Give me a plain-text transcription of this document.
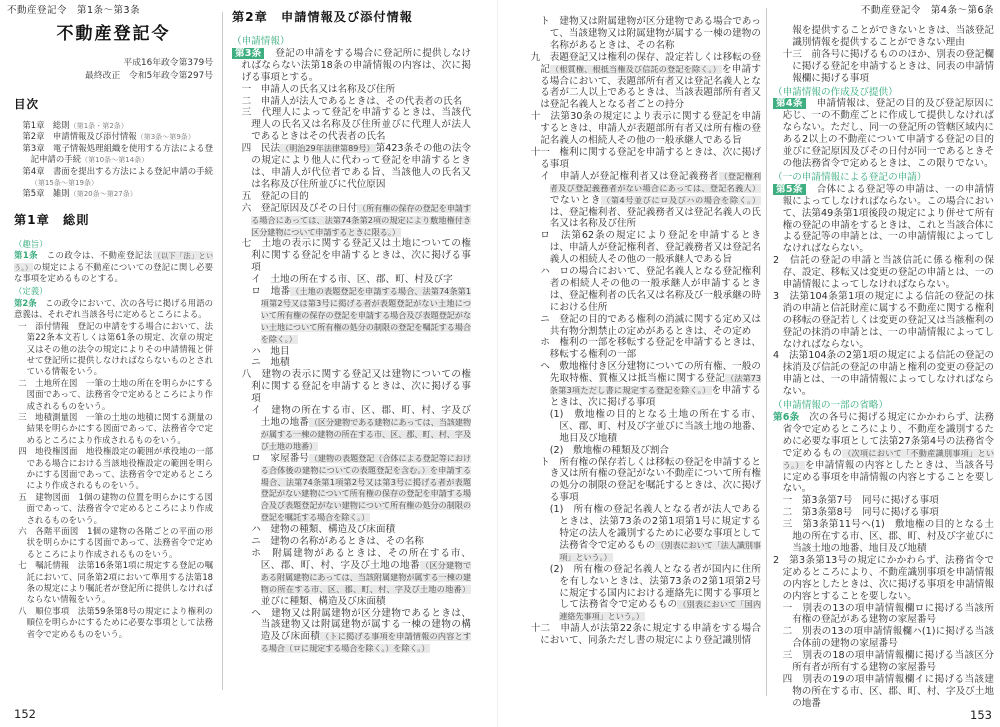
不動産登記令　第1条〜第3条	不動産登記令　第4条〜第6条
不動産登記令
平成16年政令第379号
最終改正　令和5年政令第297号
目次
第1章　総則（第1条・第2条）
第2章　申請情報及び添付情報（第3条〜第9条）
第3章　電子情報処理組織を使用する方法による登記申請の手続（第10条〜第14条）
第4章　書面を提出する方法による登記申請の手続（第15条〜第19条）
第5章　雑則（第20条〜第27条）
第1章　総則
（趣旨）
第1条　この政令は、不動産登記法（以下「法」という。）の規定による不動産についての登記に関し必要な事項を定めるものとする。
（定義）
第2条　この政令において、次の各号に掲げる用語の意義は、それぞれ当該各号に定めるところによる。
一　添付情報　登記の申請をする場合において、法第22条本文若しくは第61条の規定、次章の規定又はその他の法令の規定によりその申請情報と併せて登記所に提供しなければならないものとされている情報をいう。
二　土地所在図　一筆の土地の所在を明らかにする図面であって、法務省令で定めるところにより作成されるものをいう。
三　地積測量図　一筆の土地の地積に関する測量の結果を明らかにする図面であって、法務省令で定めるところにより作成されるものをいう。
四　地役権図面　地役権設定の範囲が承役地の一部である場合における当該地役権設定の範囲を明らかにする図面であって、法務省令で定めるところにより作成されるものをいう。
五　建物図面　1個の建物の位置を明らかにする図面であって、法務省令で定めるところにより作成されるものをいう。
六　各階平面図　1個の建物の各階ごとの平面の形状を明らかにする図面であって、法務省令で定めるところにより作成されるものをいう。
七　嘱託情報　法第16条第1項に規定する登記の嘱託において、同条第2項において準用する法第18条の規定により嘱託者が登記所に提供しなければならない情報をいう。
八　順位事項　法第59条第8号の規定により権利の順位を明らかにするために必要な事項として法務省令で定めるものをいう。
第2章　申請情報及び添付情報
（申請情報）
第3条　登記の申請をする場合に登記所に提供しなければならない法第18条の申請情報の内容は、次に掲げる事項とする。
一　申請人の氏名又は名称及び住所
二　申請人が法人であるときは、その代表者の氏名
三　代理人によって登記を申請するときは、当該代理人の氏名又は名称及び住所並びに代理人が法人であるときはその代表者の氏名
四　民法（明治29年法律第89号）第423条その他の法令の規定により他人に代わって登記を申請するときは、申請人が代位者である旨、当該他人の氏名又は名称及び住所並びに代位原因
五　登記の目的
六　登記原因及びその日付（所有権の保存の登記を申請する場合にあっては、法第74条第2項の規定により敷地権付き区分建物について申請するときに限る。）
七　土地の表示に関する登記又は土地についての権利に関する登記を申請するときは、次に掲げる事項
イ　土地の所在する市、区、郡、町、村及び字
ロ　地番（土地の表題登記を申請する場合、法第74条第1項第2号又は第3号に掲げる者が表題登記がない土地について所有権の保存の登記を申請する場合及び表題登記がない土地について所有権の処分の制限の登記を嘱託する場合を除く。）
ハ　地目
ニ　地積
八　建物の表示に関する登記又は建物についての権利に関する登記を申請するときは、次に掲げる事項
イ　建物の所在する市、区、郡、町、村、字及び土地の地番（区分建物である建物にあっては、当該建物が属する一棟の建物の所在する市、区、郡、町、村、字及び土地の地番）
ロ　家屋番号（建物の表題登記（合体による登記等における合体後の建物についての表題登記を含む。）を申請する場合、法第74条第1項第2号又は第3号に掲げる者が表題登記がない建物について所有権の保存の登記を申請する場合及び表題登記がない建物について所有権の処分の制限の登記を嘱託する場合を除く。）
ハ　建物の種類、構造及び床面積
ニ　建物の名称があるときは、その名称
ホ　附属建物があるときは、その所在する市、区、郡、町、村、字及び土地の地番（区分建物である附属建物にあっては、当該附属建物が属する一棟の建物の所在する市、区、郡、町、村、字及び土地の地番）並びに種類、構造及び床面積
ヘ　建物又は附属建物が区分建物であるときは、当該建物又は附属建物が属する一棟の建物の構造及び床面積（トに掲げる事項を申請情報の内容とする場合（ロに規定する場合を除く。）を除く。）
ト　建物又は附属建物が区分建物である場合であって、当該建物又は附属建物が属する一棟の建物の名称があるときは、その名称
九　表題登記又は権利の保存、設定若しくは移転の登記（根質権、根抵当権及び信託の登記を除く。）を申請する場合において、表題部所有者又は登記名義人となる者が二人以上であるときは、当該表題部所有者又は登記名義人となる者ごとの持分
十　法第30条の規定により表示に関する登記を申請するときは、申請人が表題部所有者又は所有権の登記名義人の相続人その他の一般承継人である旨
十一　権利に関する登記を申請するときは、次に掲げる事項
イ　申請人が登記権利者又は登記義務者（登記権利者及び登記義務者がない場合にあっては、登記名義人）でないとき（第4号並びにロ及びハの場合を除く。）は、登記権利者、登記義務者又は登記名義人の氏名又は名称及び住所
ロ　法第62条の規定により登記を申請するときは、申請人が登記権利者、登記義務者又は登記名義人の相続人その他の一般承継人である旨
ハ　ロの場合において、登記名義人となる登記権利者の相続人その他の一般承継人が申請するときは、登記権利者の氏名又は名称及び一般承継の時における住所
ニ　登記の目的である権利の消滅に関する定め又は共有物分割禁止の定めがあるときは、その定め
ホ　権利の一部を移転する登記を申請するときは、移転する権利の一部
ヘ　敷地権付き区分建物についての所有権、一般の先取特権、質権又は抵当権に関する登記（法第73条第3項ただし書に規定する登記を除く。）を申請するときは、次に掲げる事項
(1)　敷地権の目的となる土地の所在する市、区、郡、町、村及び字並びに当該土地の地番、地目及び地積
(2)　敷地権の種類及び割合
ト　所有権の保存若しくは移転の登記を申請するとき又は所有権の登記がない不動産について所有権の処分の制限の登記を嘱託するときは、次に掲げる事項
(1)　所有権の登記名義人となる者が法人であるときは、法第73条の2第1項第1号に規定する特定の法人を識別するために必要な事項として法務省令で定めるもの（別表において「法人識別事項」という。）
(2)　所有権の登記名義人となる者が国内に住所を有しないときは、法第73条の2第1項第2号に規定する国内における連絡先に関する事項として法務省令で定めるもの（別表において「国内連絡先事項」という。）
十二　申請人が法第22条に規定する申請をする場合において、同条ただし書の規定により登記識別情
報を提供することができないときは、当該登記識別情報を提供することができない理由
十三　前各号に掲げるもののほか、別表の登記欄に掲げる登記を申請するときは、同表の申請情報欄に掲げる事項
（申請情報の作成及び提供）
第4条　申請情報は、登記の目的及び登記原因に応じ、一の不動産ごとに作成して提供しなければならない。ただし、同一の登記所の管轄区域内にある2以上の不動産について申請する登記の目的並びに登記原因及びその日付が同一であるときその他法務省令で定めるときは、この限りでない。
（一の申請情報による登記の申請）
第5条　合体による登記等の申請は、一の申請情報によってしなければならない。この場合において、法第49条第1項後段の規定により併せて所有権の登記の申請をするときは、これと当該合体による登記等の申請とは、一の申請情報によってしなければならない。
2　信託の登記の申請と当該信託に係る権利の保存、設定、移転又は変更の登記の申請とは、一の申請情報によってしなければならない。
3　法第104条第1項の規定による信託の登記の抹消の申請と信託財産に属する不動産に関する権利の移転の登記若しくは変更の登記又は当該権利の登記の抹消の申請とは、一の申請情報によってしなければならない。
4　法第104条の2第1項の規定による信託の登記の抹消及び信託の登記の申請と権利の変更の登記の申請とは、一の申請情報によってしなければならない。
（申請情報の一部の省略）
第6条　次の各号に掲げる規定にかかわらず、法務省令で定めるところにより、不動産を識別するために必要な事項として法第27条第4号の法務省令で定めるもの（次項において「不動産識別事項」という。）を申請情報の内容としたときは、当該各号に定める事項を申請情報の内容とすることを要しない。
一　第3条第7号　同号に掲げる事項
二　第3条第8号　同号に掲げる事項
三　第3条第11号ヘ(1)　敷地権の目的となる土地の所在する市、区、郡、町、村及び字並びに当該土地の地番、地目及び地積
2　第3条第13号の規定にかかわらず、法務省令で定めるところにより、不動産識別事項を申請情報の内容としたときは、次に掲げる事項を申請情報の内容とすることを要しない。
一　別表の13の項申請情報欄ロに掲げる当該所有権の登記がある建物の家屋番号
二　別表の13の項申請情報欄ハ(1)に掲げる当該合体前の建物の家屋番号
三　別表の18の項申請情報欄に掲げる当該区分所有者が所有する建物の家屋番号
四　別表の19の項申請情報欄イに掲げる当該建物の所在する市、区、郡、町、村、字及び土地の地番
152	153
